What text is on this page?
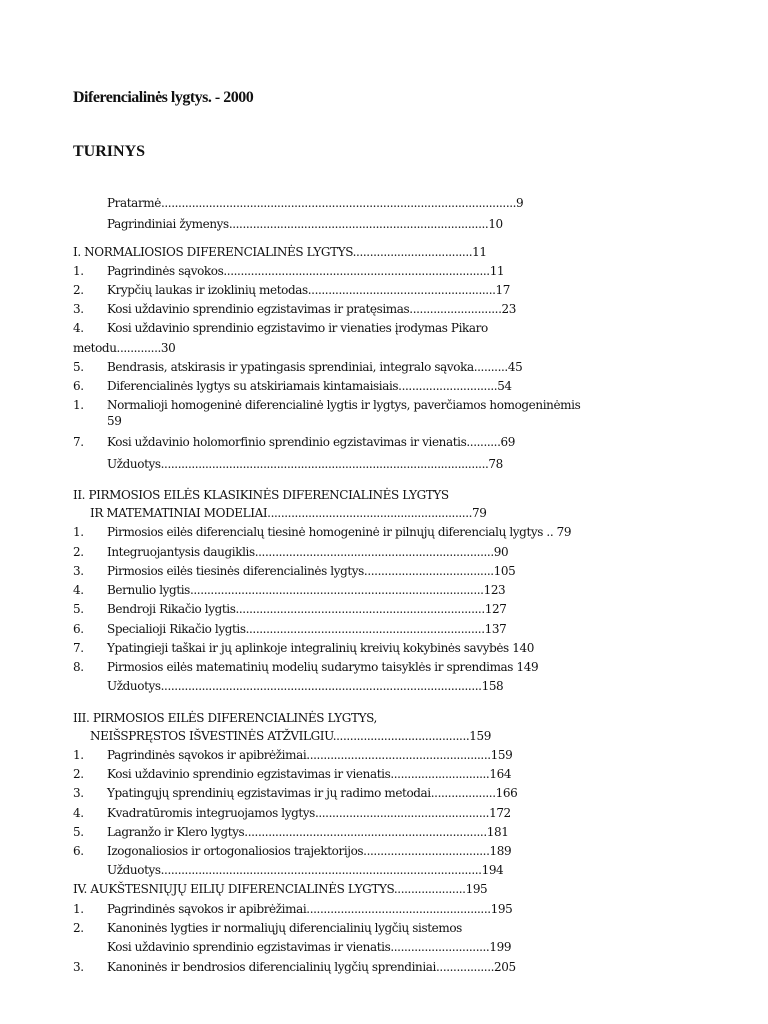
Diferencialinės lygtys. - 2000
TURINYS
Pratarmė........................................................................................................9
Pagrindiniai žymenys............................................................................10
I. NORMALIOSIOS DIFERENCIALINĖS LYGTYS...................................11
1. Pagrindinės sąvokos..............................................................................11
2. Krypčių laukas ir izoklinių metodas.......................................................17
3. Kosi uždavinio sprendinio egzistavimas ir pratęsimas...........................23
4. Kosi uždavinio sprendinio egzistavimo ir vienaties įrodymas Pikaro
metodu.............30
5. Bendrasis, atskirasis ir ypatingasis sprendiniai, integralo sąvoka..........45
6. Diferencialinės lygtys su atskiriamais kintamaisiais.............................54
1. Normalioji homogeninė diferencialinė lygtis ir lygtys, paverčiamos homogeninėmis
59
7. Kosi uždavinio holomorfinio sprendinio egzistavimas ir vienatis..........69
Užduotys................................................................................................78
II. PIRMOSIOS EILĖS KLASIKINĖS DIFERENCIALINĖS LYGTYS
IR MATEMATINIAI MODELIAI............................................................79
1. Pirmosios eilės diferencialų tiesinė homogeninė ir pilnųjų diferencialų lygtys .. 79
2. Integruojantysis daugiklis......................................................................90
3. Pirmosios eilės tiesinės diferencialinės lygtys......................................105
4. Bernulio lygtis......................................................................................123
5. Bendroji Rikačio lygtis.........................................................................127
6. Specialioji Rikačio lygtis......................................................................137
7. Ypatingieji taškai ir jų aplinkoje integralinių kreivių kokybinės savybės 140
8. Pirmosios eilės matematinių modelių sudarymo taisyklės ir sprendimas 149
Užduotys..............................................................................................158
III. PIRMOSIOS EILĖS DIFERENCIALINĖS LYGTYS,
NEIŠSPRĘSTOS IŠVESTINĖS ATŽVILGIU........................................159
1. Pagrindinės sąvokos ir apibrėžimai......................................................159
2. Kosi uždavinio sprendinio egzistavimas ir vienatis.............................164
3. Ypatingųjų sprendinių egzistavimas ir jų radimo metodai...................166
4. Kvadratūromis integruojamos lygtys...................................................172
5. Lagranžo ir Klero lygtys.......................................................................181
6. Izogonaliosios ir ortogonaliosios trajektorijos.....................................189
Užduotys..............................................................................................194
IV. AUKŠTESNIŲJŲ EILIŲ DIFERENCIALINĖS LYGTYS.....................195
1. Pagrindinės sąvokos ir apibrėžimai......................................................195
2. Kanoninės lygties ir normaliųjų diferencialinių lygčių sistemos
Kosi uždavinio sprendinio egzistavimas ir vienatis.............................199
3. Kanoninės ir bendrosios diferencialinių lygčių sprendiniai.................205
